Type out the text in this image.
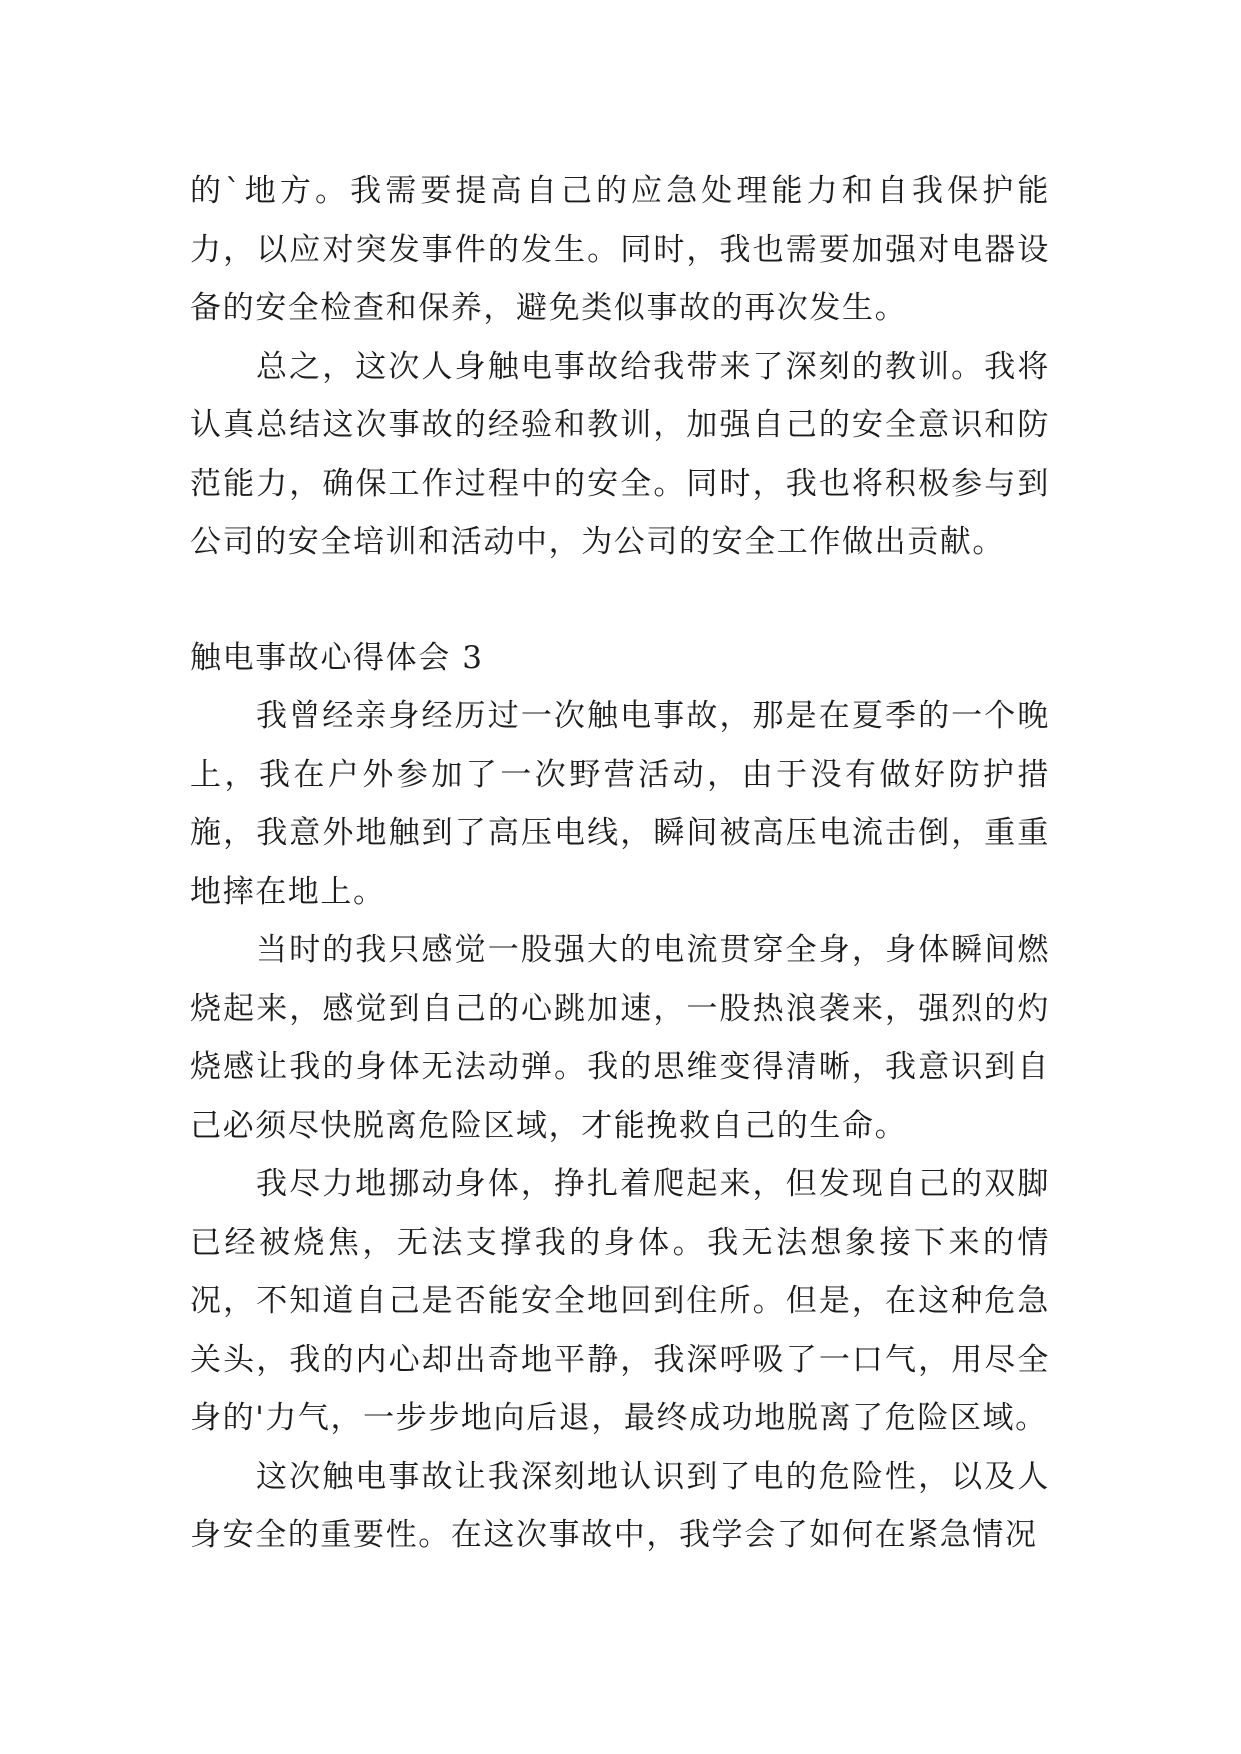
的`地方。我需要提高自己的应急处理能力和自我保护能力，以应对突发事件的发生。同时，我也需要加强对电器设备的安全检查和保养，避免类似事故的再次发生。

总之，这次人身触电事故给我带来了深刻的教训。我将认真总结这次事故的经验和教训，加强自己的安全意识和防范能力，确保工作过程中的安全。同时，我也将积极参与到公司的安全培训和活动中，为公司的安全工作做出贡献。

触电事故心得体会 3

我曾经亲身经历过一次触电事故，那是在夏季的一个晚上，我在户外参加了一次野营活动，由于没有做好防护措施，我意外地触到了高压电线，瞬间被高压电流击倒，重重地摔在地上。

当时的我只感觉一股强大的电流贯穿全身，身体瞬间燃烧起来，感觉到自己的心跳加速，一股热浪袭来，强烈的灼烧感让我的身体无法动弹。我的思维变得清晰，我意识到自己必须尽快脱离危险区域，才能挽救自己的生命。

我尽力地挪动身体，挣扎着爬起来，但发现自己的双脚已经被烧焦，无法支撑我的身体。我无法想象接下来的情况，不知道自己是否能安全地回到住所。但是，在这种危急关头，我的内心却出奇地平静，我深呼吸了一口气，用尽全身的'力气，一步步地向后退，最终成功地脱离了危险区域。

这次触电事故让我深刻地认识到了电的危险性，以及人身安全的重要性。在这次事故中，我学会了如何在紧急情况
